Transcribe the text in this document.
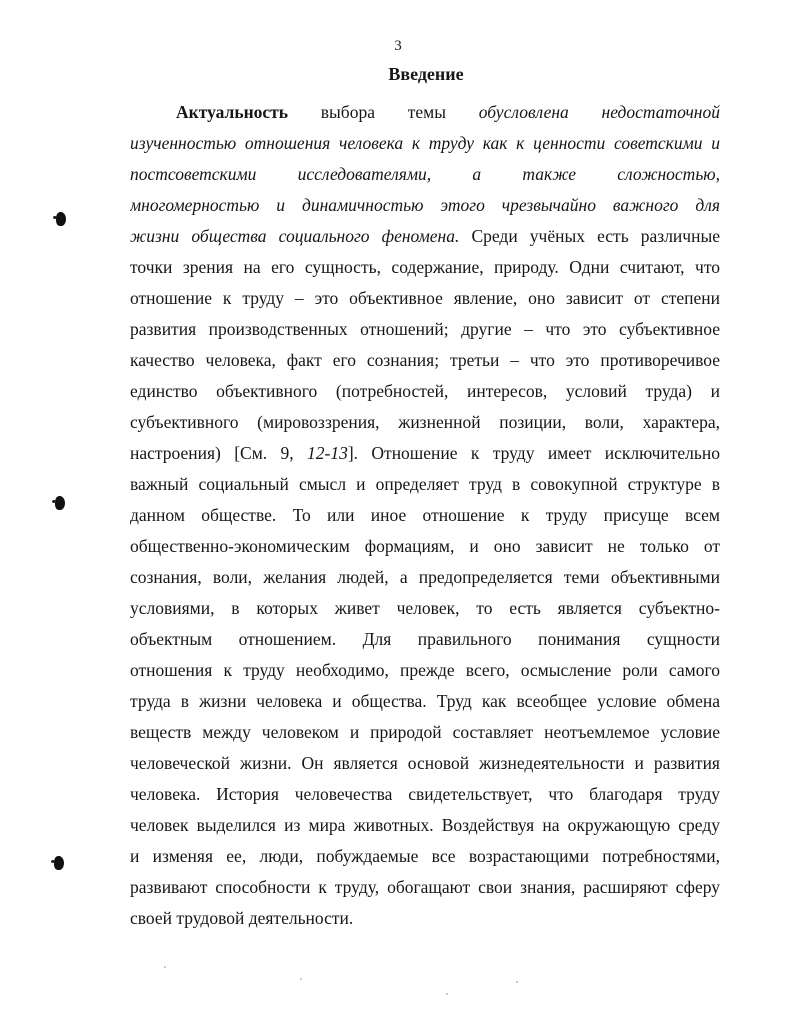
3
Введение
Актуальность выбора темы обусловлена недостаточной
изученностью отношения человека к труду как к ценности советскими и
постсоветскими исследователями, а также сложностью,
многомерностью и динамичностью этого чрезвычайно важного для
жизни общества социального феномена. Среди учёных есть различные
точки зрения на его сущность, содержание, природу. Одни считают, что
отношение к труду – это объективное явление, оно зависит от степени
развития производственных отношений; другие – что это субъективное
качество человека, факт его сознания; третьи – что это противоречивое
единство объективного (потребностей, интересов, условий труда) и
субъективного (мировоззрения, жизненной позиции, воли, характера,
настроения) [См. 9, 12-13]. Отношение к труду имеет исключительно
важный социальный смысл и определяет труд в совокупной структуре в
данном обществе. То или иное отношение к труду присуще всем
общественно-экономическим формациям, и оно зависит не только от
сознания, воли, желания людей, а предопределяется теми объективными
условиями, в которых живет человек, то есть является субъектно-
объектным отношением. Для правильного понимания сущности
отношения к труду необходимо, прежде всего, осмысление роли самого
труда в жизни человека и общества. Труд как всеобщее условие обмена
веществ между человеком и природой составляет неотъемлемое условие
человеческой жизни. Он является основой жизнедеятельности и развития
человека. История человечества свидетельствует, что благодаря труду
человек выделился из мира животных. Воздействуя на окружающую среду
и изменяя ее, люди, побуждаемые все возрастающими потребностями,
развивают способности к труду, обогащают свои знания, расширяют сферу
своей трудовой деятельности.
